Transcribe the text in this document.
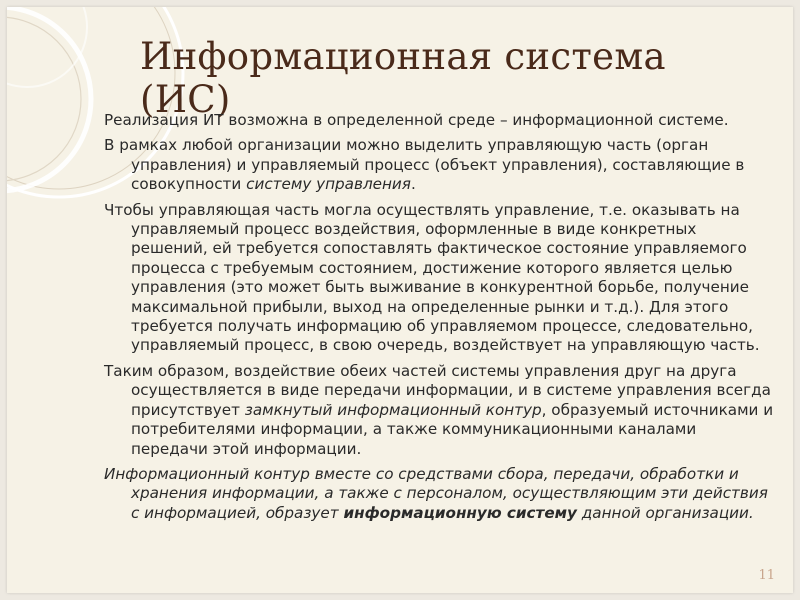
Информационная система (ИС)

Реализация ИТ возможна в определенной среде – информационной системе.

В рамках любой организации можно выделить управляющую часть (орган управления) и управляемый процесс (объект управления), составляющие в совокупности систему управления.

Чтобы управляющая часть могла осуществлять управление, т.е. оказывать на управляемый процесс воздействия, оформленные в виде конкретных решений, ей требуется сопоставлять фактическое состояние управляемого процесса с требуемым состоянием, достижение которого является целью управления (это может быть выживание в конкурентной борьбе, получение максимальной прибыли, выход на определенные рынки и т.д.). Для этого требуется получать информацию об управляемом процессе, следовательно, управляемый процесс, в свою очередь, воздействует на управляющую часть.

Таким образом, воздействие обеих частей системы управления друг на друга осуществляется в виде передачи информации, и в системе управления всегда присутствует замкнутый информационный контур, образуемый источниками и потребителями информации, а также коммуникационными каналами передачи этой информации.

Информационный контур вместе со средствами сбора, передачи, обработки и хранения информации, а также с персоналом, осуществляющим эти действия с информацией, образует информационную систему данной организации.

11
